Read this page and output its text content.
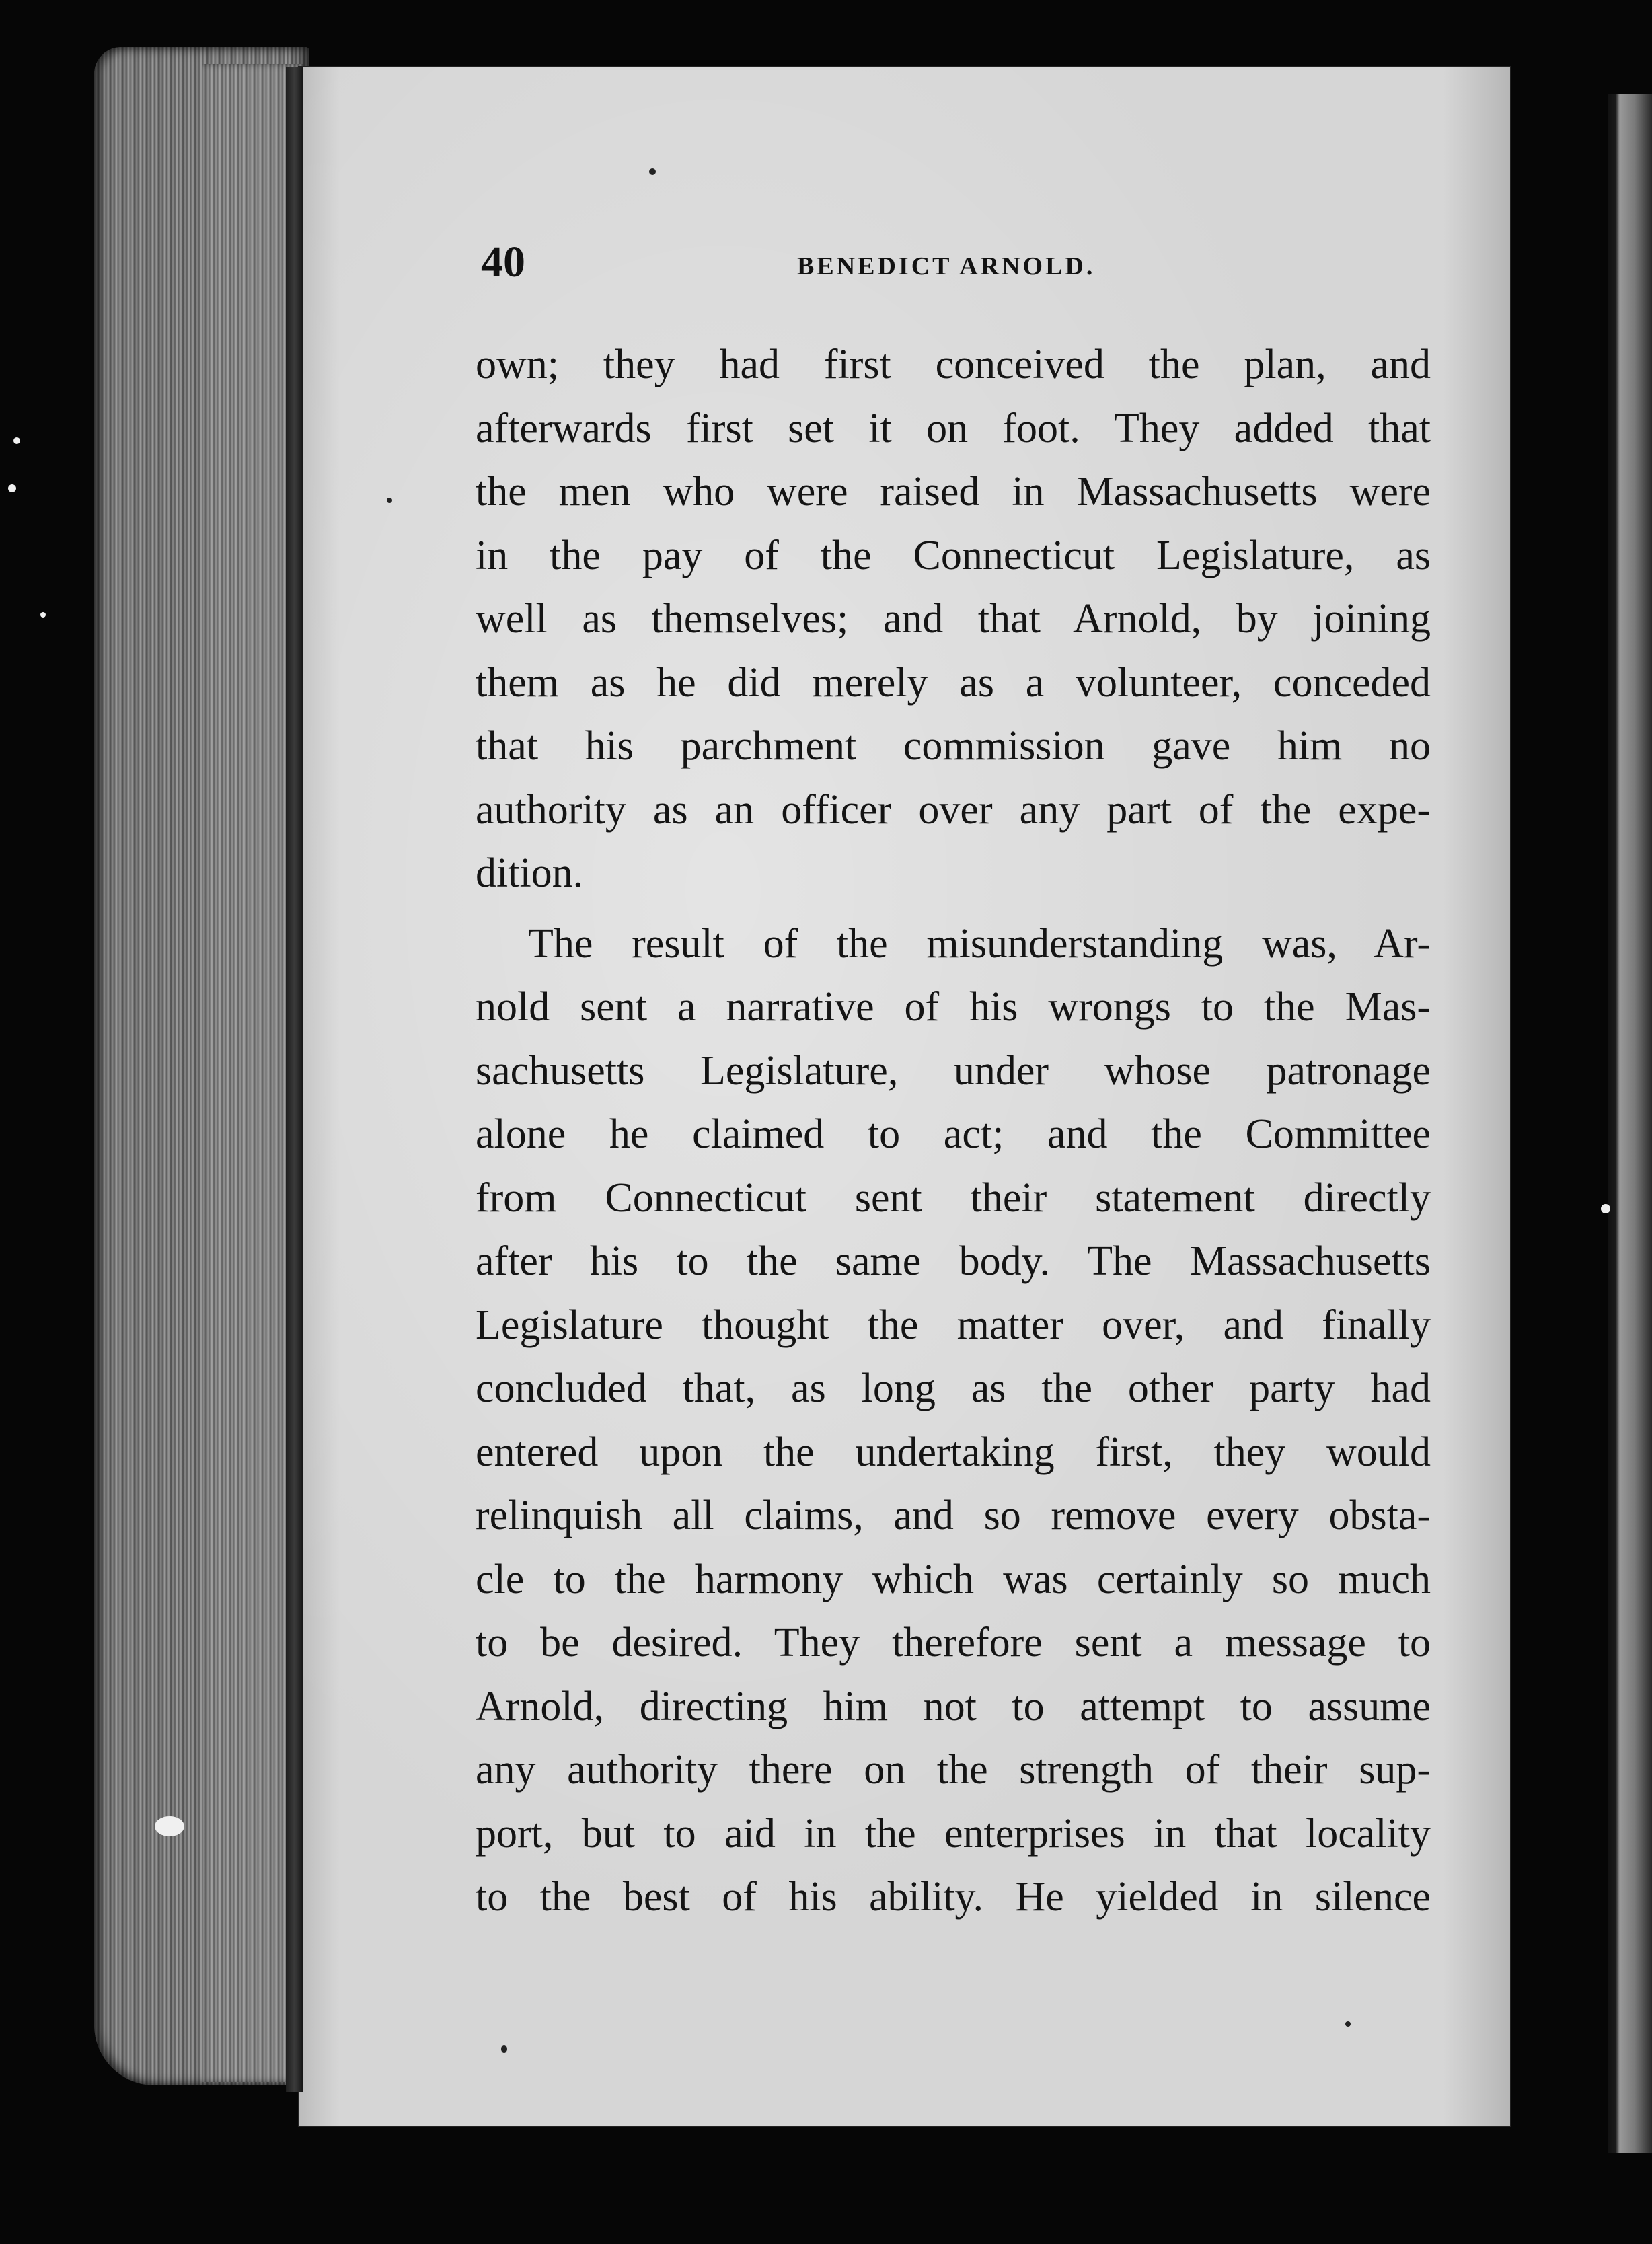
40	BENEDICT ARNOLD.
own; they had first conceived the plan, and
afterwards first set it on foot. They added that
the men who were raised in Massachusetts were
in the pay of the Connecticut Legislature, as
well as themselves; and that Arnold, by joining
them as he did merely as a volunteer, conceded
that his parchment commission gave him no
authority as an officer over any part of the expe-
dition.
The result of the misunderstanding was, Ar-
nold sent a narrative of his wrongs to the Mas-
sachusetts Legislature, under whose patronage
alone he claimed to act; and the Committee
from Connecticut sent their statement directly
after his to the same body. The Massachusetts
Legislature thought the matter over, and finally
concluded that, as long as the other party had
entered upon the undertaking first, they would
relinquish all claims, and so remove every obsta-
cle to the harmony which was certainly so much
to be desired. They therefore sent a message to
Arnold, directing him not to attempt to assume
any authority there on the strength of their sup-
port, but to aid in the enterprises in that locality
to the best of his ability. He yielded in silence
